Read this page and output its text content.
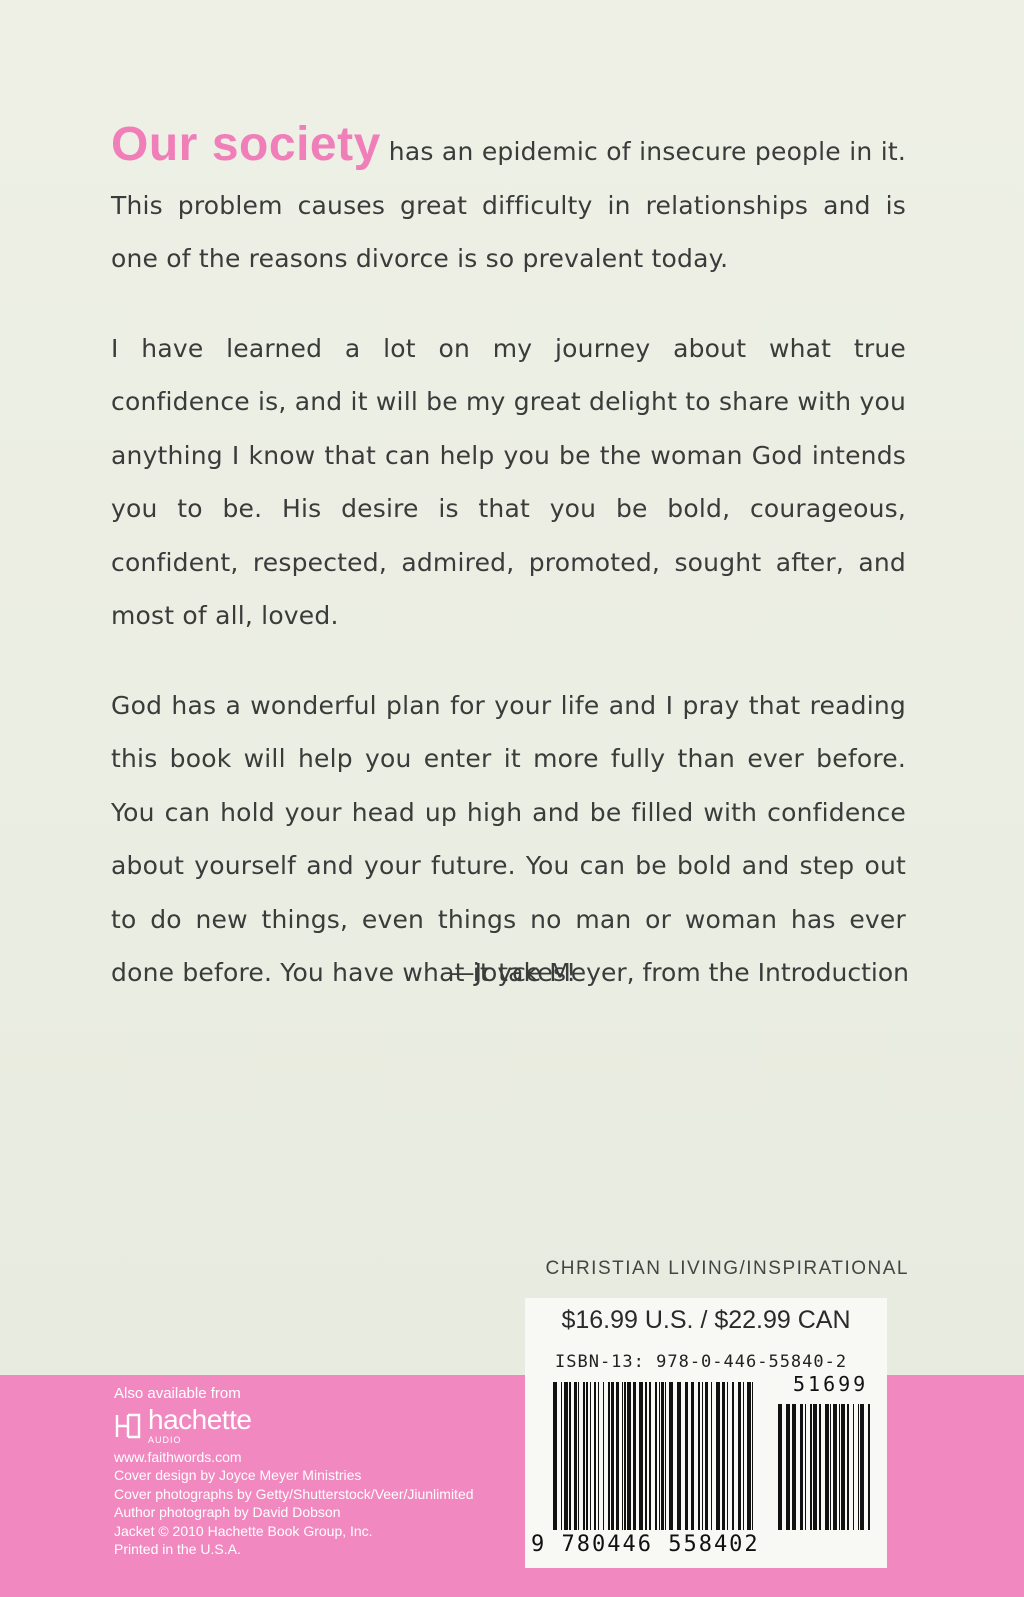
Our society has an epidemic of insecure people in it. This problem causes great difficulty in relationships and is one of the reasons divorce is so prevalent today.

I have learned a lot on my journey about what true confidence is, and it will be my great delight to share with you anything I know that can help you be the woman God intends you to be. His desire is that you be bold, courageous, confident, respected, admired, promoted, sought after, and most of all, loved.

God has a wonderful plan for your life and I pray that reading this book will help you enter it more fully than ever before. You can hold your head up high and be filled with confidence about yourself and your future. You can be bold and step out to do new things, even things no man or woman has ever done before. You have what it takes!

—Joyce Meyer, from the Introduction
CHRISTIAN LIVING/INSPIRATIONAL
Also available from
hachette
AUDIO
www.faithwords.com
Cover design by Joyce Meyer Ministries
Cover photographs by Getty/Shutterstock/Veer/Jiunlimited
Author photograph by David Dobson
Jacket © 2010 Hachette Book Group, Inc.
Printed in the U.S.A.
$16.99 U.S. / $22.99 CAN
ISBN-13: 978-0-446-55840-2
51699
9 780446 558402
